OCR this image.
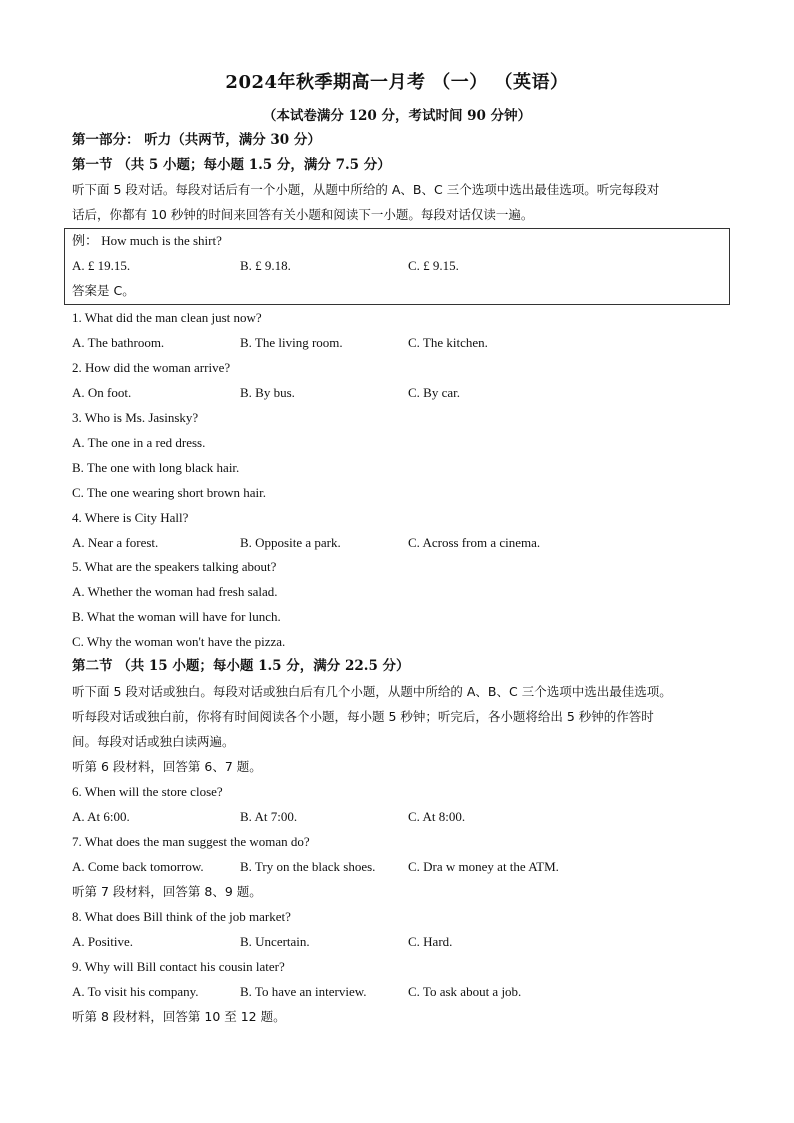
2024年秋季期高一月考 （一） （英语）
（本试卷满分 120 分，考试时间 90 分钟）
第一部分： 听力（共两节，满分 30 分）
第一节 （共 5 小题；每小题 1.5 分，满分 7.5 分）
听下面 5 段对话。每段对话后有一个小题，从题中所给的 A、B、C 三个选项中选出最佳选项。听完每段对
话后，你都有 10 秒钟的时间来回答有关小题和阅读下一小题。每段对话仅读一遍。
例： How much is the shirt?
A. £ 19.15.	B. £ 9.18.	C. £ 9.15.
答案是 C。
1. What did the man clean just now?
A. The bathroom.	B. The living room.	C. The kitchen.
2. How did the woman arrive?
A. On foot.	B. By bus.	C. By car.
3. Who is Ms. Jasinsky?
A. The one in a red dress.
B. The one with long black hair.
C. The one wearing short brown hair.
4. Where is City Hall?
A. Near a forest.	B. Opposite a park.	C. Across from a cinema.
5. What are the speakers talking about?
A. Whether the woman had fresh salad.
B. What the woman will have for lunch.
C. Why the woman won't have the pizza.
第二节 （共 15 小题；每小题 1.5 分，满分 22.5 分）
听下面 5 段对话或独白。每段对话或独白后有几个小题，从题中所给的 A、B、C 三个选项中选出最佳选项。
听每段对话或独白前，你将有时间阅读各个小题，每小题 5 秒钟；听完后，各小题将给出 5 秒钟的作答时
间。每段对话或独白读两遍。
听第 6 段材料，回答第 6、7 题。
6. When will the store close?
A. At 6:00.	B. At 7:00.	C. At 8:00.
7. What does the man suggest the woman do?
A. Come back tomorrow.	B. Try on the black shoes.	C. Dra w money at the ATM.
听第 7 段材料，回答第 8、9 题。
8. What does Bill think of the job market?
A. Positive.	B. Uncertain.	C. Hard.
9. Why will Bill contact his cousin later?
A. To visit his company.	B. To have an interview.	C. To ask about a job.
听第 8 段材料，回答第 10 至 12 题。
